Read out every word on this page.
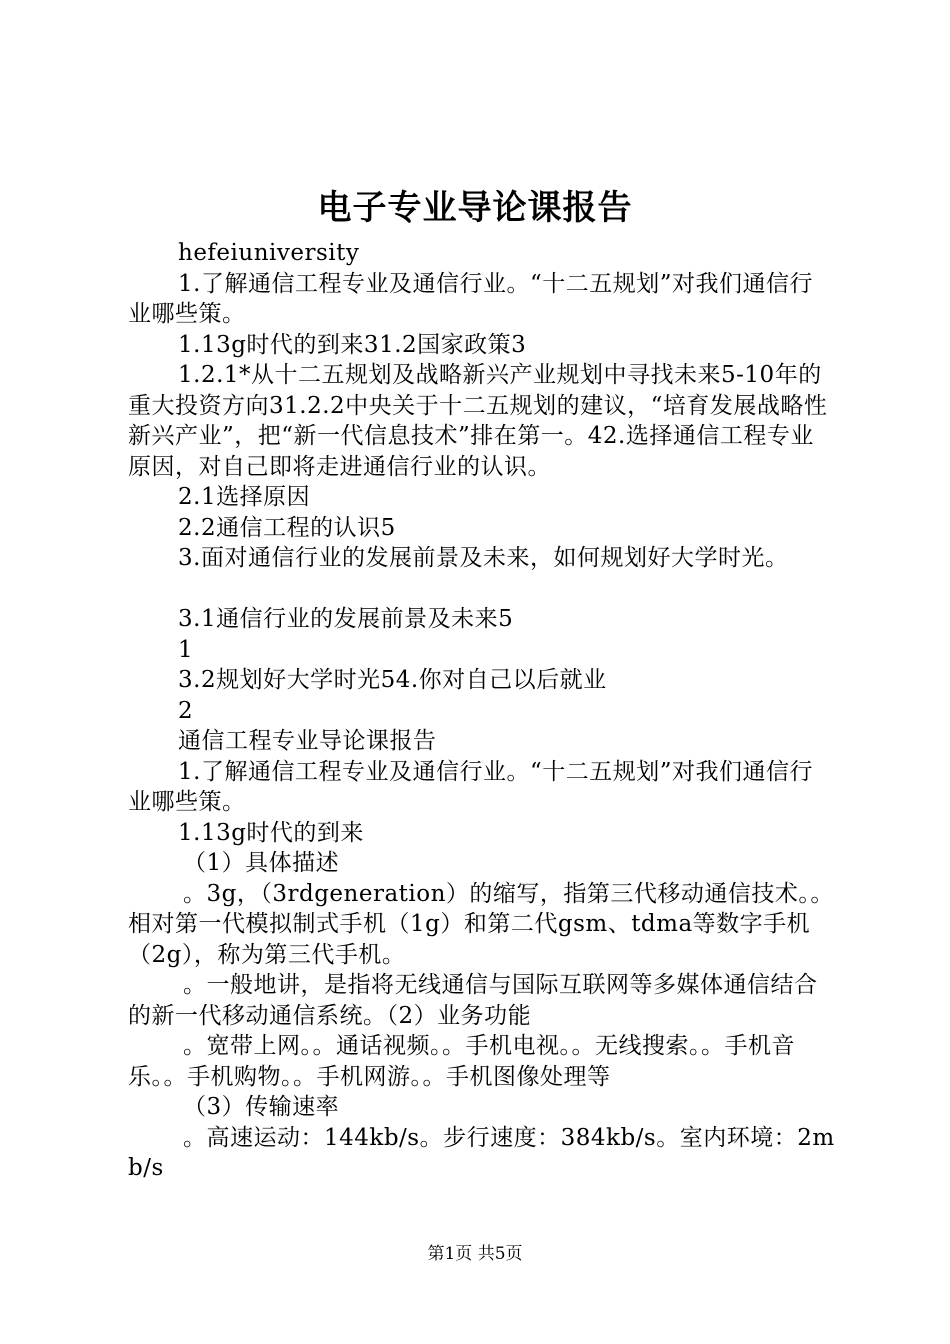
电子专业导论课报告
hefeiuniversity
1.了解通信工程专业及通信行业。“十二五规划”对我们通信行业哪些策。
1.13g时代的到来31.2国家政策3
1.2.1*从十二五规划及战略新兴产业规划中寻找未来5-10年的重大投资方向31.2.2中央关于十二五规划的建议，“培育发展战略性新兴产业”，把“新一代信息技术”排在第一。42.选择通信工程专业原因，对自己即将走进通信行业的认识。
2.1选择原因
2.2通信工程的认识5
3.面对通信行业的发展前景及未来，如何规划好大学时光。
3.1通信行业的发展前景及未来5
1
3.2规划好大学时光54.你对自己以后就业
2
通信工程专业导论课报告
1.了解通信工程专业及通信行业。“十二五规划”对我们通信行业哪些策。
1.13g时代的到来
（1）具体描述
。3g，（3rdgeneration）的缩写，指第三代移动通信技术。。相对第一代模拟制式手机（1g）和第二代gsm、tdma等数字手机（2g），称为第三代手机。
。一般地讲，是指将无线通信与国际互联网等多媒体通信结合的新一代移动通信系统。（2）业务功能
。宽带上网。。通话视频。。手机电视。。无线搜索。。手机音乐。。手机购物。。手机网游。。手机图像处理等
（3）传输速率
。高速运动：144kb/s。步行速度：384kb/s。室内环境：2mb/s
第1页 共5页
